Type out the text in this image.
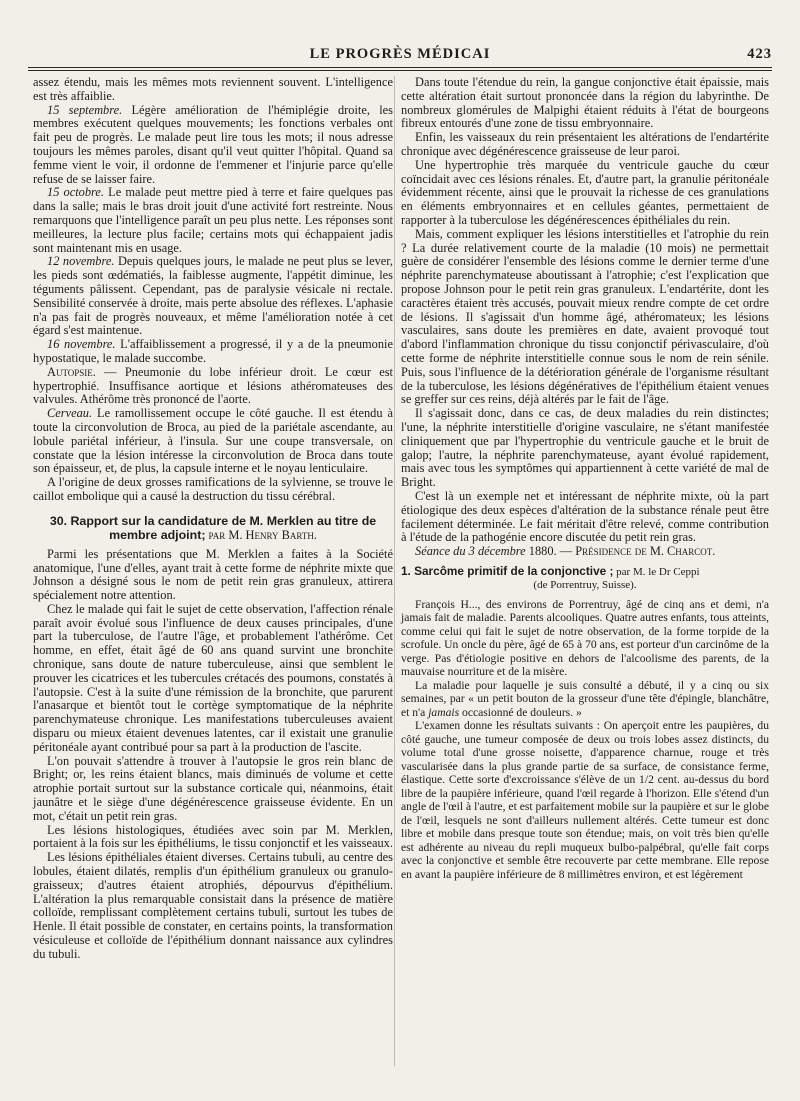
LE PROGRÈS MÉDICAI	423

assez étendu, mais les mêmes mots reviennent souvent. L'intelligence est très affaiblie.

15 septembre. Légère amélioration de l'hémiplégie droite, les membres exécutent quelques mouvements; les fonctions verbales ont fait peu de progrès. Le malade peut lire tous les mots; il nous adresse toujours les mêmes paroles, disant qu'il veut quitter l'hôpital. Quand sa femme vient le voir, il ordonne de l'emmener et l'injurie parce qu'elle refuse de se laisser faire.

15 octobre. Le malade peut mettre pied à terre et faire quelques pas dans la salle; mais le bras droit jouit d'une activité fort restreinte. Nous remarquons que l'intelligence paraît un peu plus nette. Les réponses sont meilleures, la lecture plus facile; certains mots qui échappaient jadis sont maintenant mis en usage.

12 novembre. Depuis quelques jours, le malade ne peut plus se lever, les pieds sont œdématiés, la faiblesse augmente, l'appétit diminue, les téguments pâlissent. Cependant, pas de paralysie vésicale ni rectale. Sensibilité conservée à droite, mais perte absolue des réflexes. L'aphasie n'a pas fait de progrès nouveaux, et même l'amélioration notée à cet égard s'est maintenue.

16 novembre. L'affaiblissement a progressé, il y a de la pneumonie hypostatique, le malade succombe.

Autopsie. — Pneumonie du lobe inférieur droit. Le cœur est hypertrophié. Insuffisance aortique et lésions athéromateuses des valvules. Athérôme très prononcé de l'aorte.

Cerveau. Le ramollissement occupe le côté gauche. Il est étendu à toute la circonvolution de Broca, au pied de la pariétale ascendante, au lobule pariétal inférieur, à l'insula. Sur une coupe transversale, on constate que la lésion intéresse la circonvolution de Broca dans toute son épaisseur, et, de plus, la capsule interne et le noyau lenticulaire.

A l'origine de deux grosses ramifications de la sylvienne, se trouve le caillot embolique qui a causé la destruction du tissu cérébral.

30. Rapport sur la candidature de M. Merklen au titre de membre adjoint; par M. Henry Barth.

Parmi les présentations que M. Merklen a faites à la Société anatomique, l'une d'elles, ayant trait à cette forme de néphrite mixte que Johnson a désigné sous le nom de petit rein gras granuleux, attirera spécialement notre attention.

Chez le malade qui fait le sujet de cette observation, l'affection rénale paraît avoir évolué sous l'influence de deux causes principales, d'une part la tuberculose, de l'autre l'âge, et probablement l'athérôme. Cet homme, en effet, était âgé de 60 ans quand survint une bronchite chronique, sans doute de nature tuberculeuse, ainsi que semblent le prouver les cicatrices et les tubercules crétacés des poumons, constatés à l'autopsie. C'est à la suite d'une rémission de la bronchite, que parurent l'anasarque et bientôt tout le cortège symptomatique de la néphrite parenchymateuse chronique. Les manifestations tuberculeuses avaient disparu ou mieux étaient devenues latentes, car il existait une granulie péritonéale ayant contribué pour sa part à la production de l'ascite.

L'on pouvait s'attendre à trouver à l'autopsie le gros rein blanc de Bright; or, les reins étaient blancs, mais diminués de volume et cette atrophie portait surtout sur la substance corticale qui, néanmoins, était jaunâtre et le siège d'une dégénérescence graisseuse évidente. En un mot, c'était un petit rein gras.

Les lésions histologiques, étudiées avec soin par M. Merklen, portaient à la fois sur les épithéliums, le tissu conjonctif et les vaisseaux.

Les lésions épithéliales étaient diverses. Certains tubuli, au centre des lobules, étaient dilatés, remplis d'un épithélium granuleux ou granulo-graisseux; d'autres étaient atrophiés, dépourvus d'épithélium. L'altération la plus remarquable consistait dans la présence de matière colloïde, remplissant complètement certains tubuli, surtout les tubes de Henle. Il était possible de constater, en certains points, la transformation vésiculeuse et colloïde de l'épithélium donnant naissance aux cylindres du tubuli.

Dans toute l'étendue du rein, la gangue conjonctive était épaissie, mais cette altération était surtout prononcée dans la région du labyrinthe. De nombreux glomérules de Malpighi étaient réduits à l'état de bourgeons fibreux entourés d'une zone de tissu embryonnaire.

Enfin, les vaisseaux du rein présentaient les altérations de l'endartérite chronique avec dégénérescence graisseuse de leur paroi.

Une hypertrophie très marquée du ventricule gauche du cœur coïncidait avec ces lésions rénales. Et, d'autre part, la granulie péritonéale évidemment récente, ainsi que le prouvait la richesse de ces granulations en éléments embryonnaires et en cellules géantes, permettaient de rapporter à la tuberculose les dégénérescences épithéliales du rein.

Mais, comment expliquer les lésions interstitielles et l'atrophie du rein ? La durée relativement courte de la maladie (10 mois) ne permettait guère de considérer l'ensemble des lésions comme le dernier terme d'une néphrite parenchymateuse aboutissant à l'atrophie; c'est l'explication que propose Johnson pour le petit rein gras granuleux. L'endartérite, dont les caractères étaient très accusés, pouvait mieux rendre compte de cet ordre de lésions. Il s'agissait d'un homme âgé, athéromateux; les lésions vasculaires, sans doute les premières en date, avaient provoqué tout d'abord l'inflammation chronique du tissu conjonctif périvasculaire, d'où cette forme de néphrite interstitielle connue sous le nom de rein sénile. Puis, sous l'influence de la détérioration générale de l'organisme résultant de la tuberculose, les lésions dégénératives de l'épithélium étaient venues se greffer sur ces reins, déjà altérés par le fait de l'âge.

Il s'agissait donc, dans ce cas, de deux maladies du rein distinctes; l'une, la néphrite interstitielle d'origine vasculaire, ne s'étant manifestée cliniquement que par l'hypertrophie du ventricule gauche et le bruit de galop; l'autre, la néphrite parenchymateuse, ayant évolué rapidement, mais avec tous les symptômes qui appartiennent à cette variété de mal de Bright.

C'est là un exemple net et intéressant de néphrite mixte, où la part étiologique des deux espèces d'altération de la substance rénale peut être facilement déterminée. Le fait méritait d'être relevé, comme contribution à l'étude de la pathogénie encore discutée du petit rein gras.

Séance du 3 décembre 1880. — Présidence de M. Charcot.

1. Sarcôme primitif de la conjonctive ; par M. le Dr Ceppi
(de Porrentruy, Suisse).

François H..., des environs de Porrentruy, âgé de cinq ans et demi, n'a jamais fait de maladie. Parents alcooliques. Quatre autres enfants, tous atteints, comme celui qui fait le sujet de notre observation, de la forme torpide de la scrofule. Un oncle du père, âgé de 65 à 70 ans, est porteur d'un carcinôme de la verge. Pas d'étiologie positive en dehors de l'alcoolisme des parents, de la mauvaise nourriture et de la misère.

La maladie pour laquelle je suis consulté a débuté, il y a cinq ou six semaines, par « un petit bouton de la grosseur d'une tête d'épingle, blanchâtre, et n'a jamais occasionné de douleurs. »

L'examen donne les résultats suivants : On aperçoit entre les paupières, du côté gauche, une tumeur composée de deux ou trois lobes assez distincts, du volume total d'une grosse noisette, d'apparence charnue, rouge et très vascularisée dans la plus grande partie de sa surface, de consistance ferme, élastique. Cette sorte d'excroissance s'élève de un 1/2 cent. au-dessus du bord libre de la paupière inférieure, quand l'œil regarde à l'horizon. Elle s'étend d'un angle de l'œil à l'autre, et est parfaitement mobile sur la paupière et sur le globe de l'œil, lesquels ne sont d'ailleurs nullement altérés. Cette tumeur est donc libre et mobile dans presque toute son étendue; mais, on voit très bien qu'elle est adhérente au niveau du repli muqueux bulbo-palpébral, qu'elle fait corps avec la conjonctive et semble être recouverte par cette membrane. Elle repose en avant la paupière inférieure de 8 millimètres environ, et est légèrement
